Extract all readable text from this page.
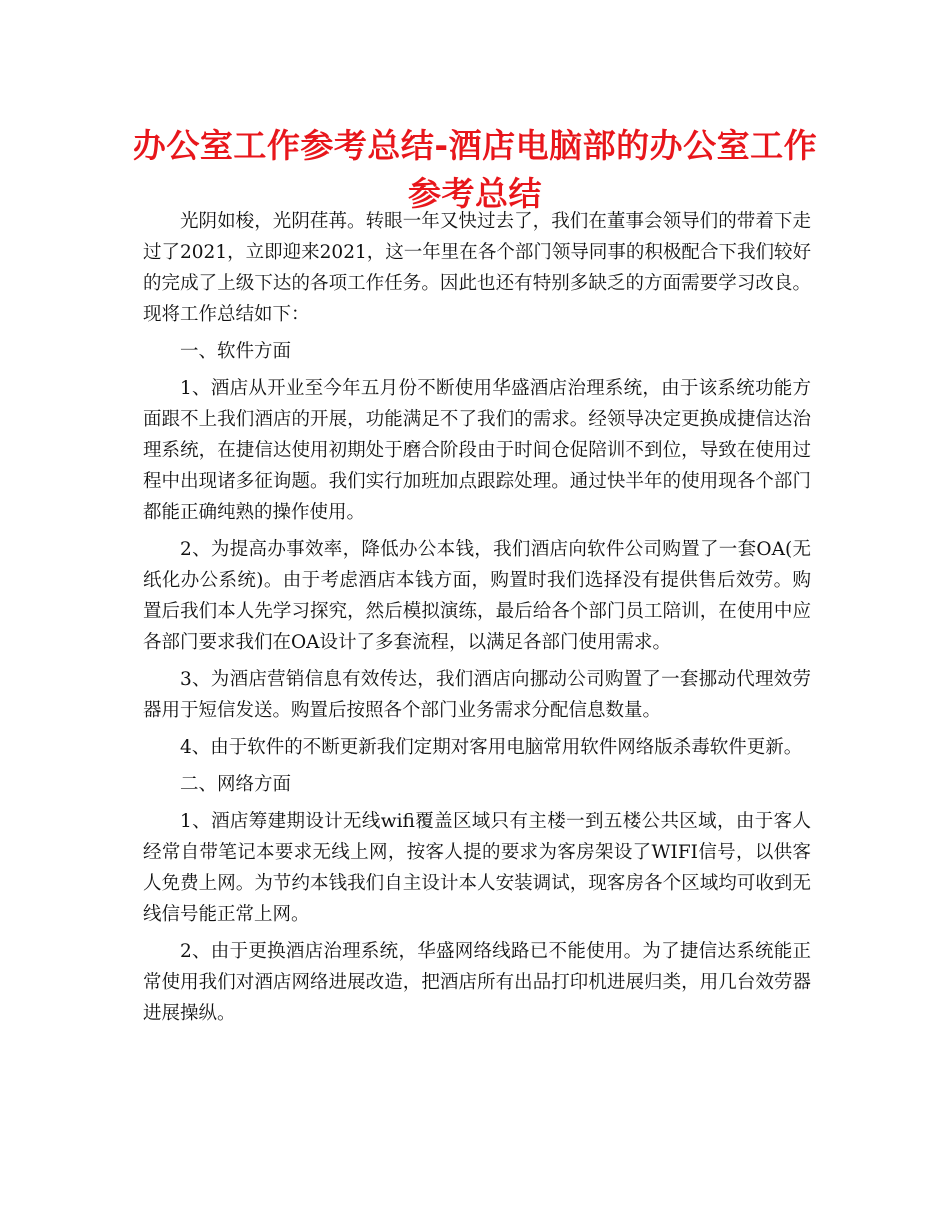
办公室工作参考总结-酒店电脑部的办公室工作参考总结

光阴如梭，光阴荏苒。转眼一年又快过去了，我们在董事会领导们的带着下走过了2021，立即迎来2021，这一年里在各个部门领导同事的积极配合下我们较好的完成了上级下达的各项工作任务。因此也还有特别多缺乏的方面需要学习改良。现将工作总结如下：

一、软件方面

1、酒店从开业至今年五月份不断使用华盛酒店治理系统，由于该系统功能方面跟不上我们酒店的开展，功能满足不了我们的需求。经领导决定更换成捷信达治理系统，在捷信达使用初期处于磨合阶段由于时间仓促陪训不到位，导致在使用过程中出现诸多征询题。我们实行加班加点跟踪处理。通过快半年的使用现各个部门都能正确纯熟的操作使用。

2、为提高办事效率，降低办公本钱，我们酒店向软件公司购置了一套OA(无纸化办公系统)。由于考虑酒店本钱方面，购置时我们选择没有提供售后效劳。购置后我们本人先学习探究，然后模拟演练，最后给各个部门员工陪训，在使用中应各部门要求我们在OA设计了多套流程，以满足各部门使用需求。

3、为酒店营销信息有效传达，我们酒店向挪动公司购置了一套挪动代理效劳器用于短信发送。购置后按照各个部门业务需求分配信息数量。

4、由于软件的不断更新我们定期对客用电脑常用软件网络版杀毒软件更新。

二、网络方面

1、酒店筹建期设计无线wifi覆盖区域只有主楼一到五楼公共区域，由于客人经常自带笔记本要求无线上网，按客人提的要求为客房架设了WIFI信号，以供客人免费上网。为节约本钱我们自主设计本人安装调试，现客房各个区域均可收到无线信号能正常上网。

2、由于更换酒店治理系统，华盛网络线路已不能使用。为了捷信达系统能正常使用我们对酒店网络进展改造，把酒店所有出品打印机进展归类，用几台效劳器进展操纵。
